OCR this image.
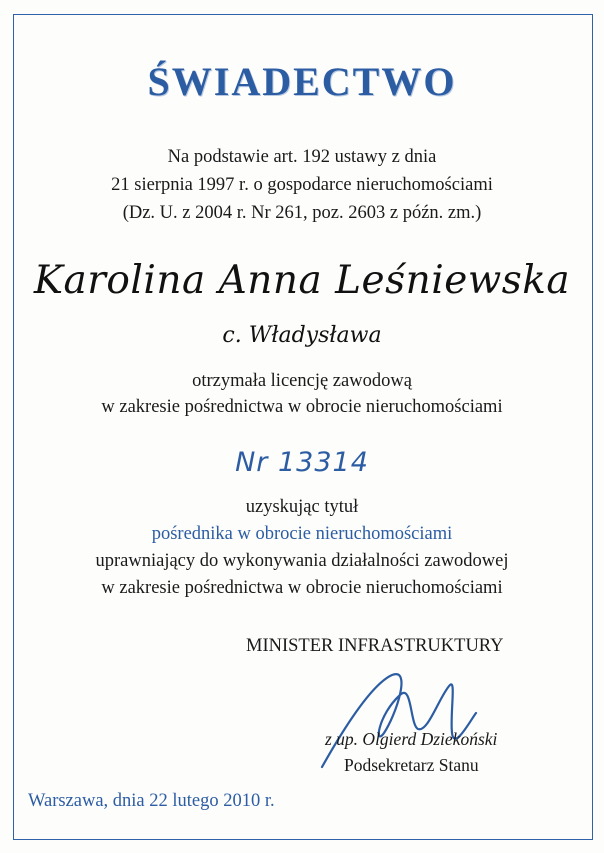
ŚWIADECTWO
Na podstawie art. 192 ustawy z dnia
21 sierpnia 1997 r. o gospodarce nieruchomościami
(Dz. U. z 2004 r. Nr 261, poz. 2603 z późn. zm.)
Karolina Anna Leśniewska
c. Władysława
otrzymała licencję zawodową
w zakresie pośrednictwa w obrocie nieruchomościami
Nr 13314
uzyskując tytuł
pośrednika w obrocie nieruchomościami
uprawniający do wykonywania działalności zawodowej
w zakresie pośrednictwa w obrocie nieruchomościami
MINISTER INFRASTRUKTURY
z up. Olgierd Dziekoński
Podsekretarz Stanu
Warszawa, dnia 22 lutego 2010 r.
